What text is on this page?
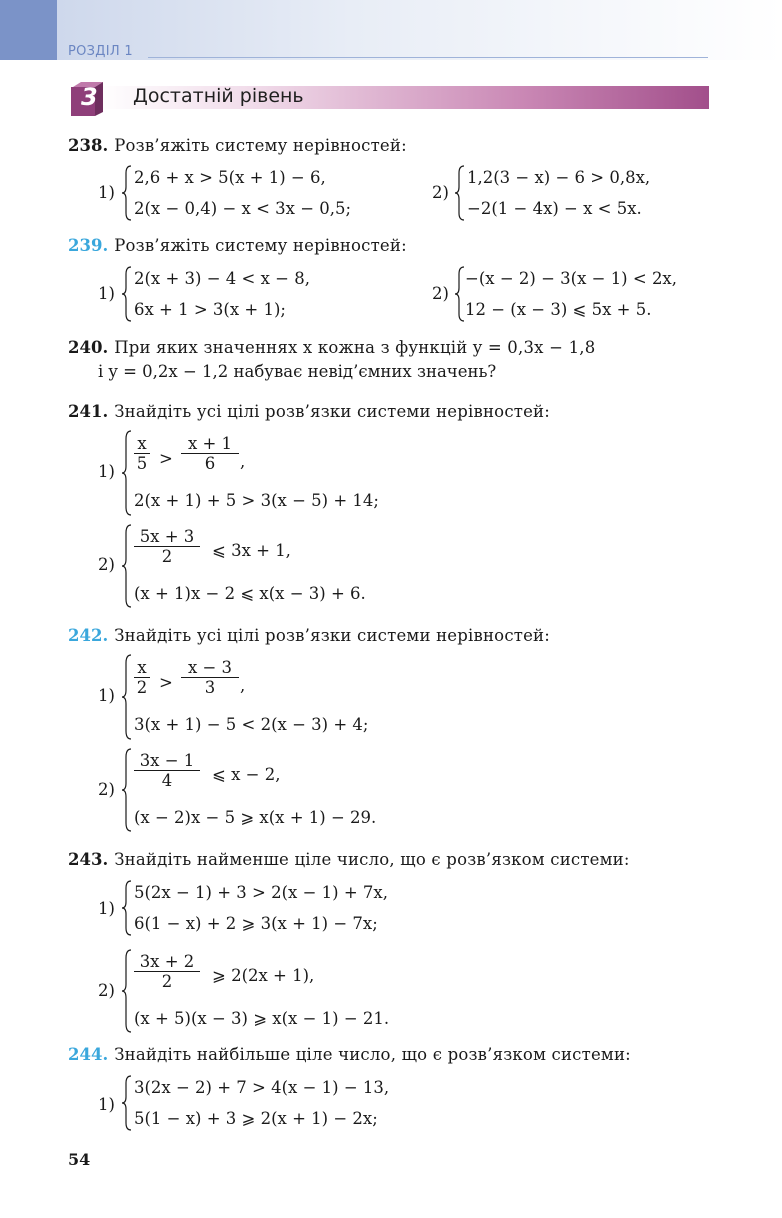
РОЗДІЛ 1
3 Достатній рівень
238. Розв’яжіть систему нерівностей:
1)
2,6 + x > 5(x + 1) − 6,
2(x − 0,4) − x < 3x − 0,5;
2)
1,2(3 − x) − 6 > 0,8x,
−2(1 − 4x) − x < 5x.
239. Розв’яжіть систему нерівностей:
1)
2(x + 3) − 4 < x − 8,
6x + 1 > 3(x + 1);
2)
−(x − 2) − 3(x − 1) < 2x,
12 − (x − 3) ⩽ 5x + 5.
240. При яких значеннях x кожна з функцій y = 0,3x − 1,8
і y = 0,2x − 1,2 набуває невід’ємних значень?
241. Знайдіть усі цілі розв’язки системи нерівностей:
1)
x
5 >
x + 1
6	,
2(x + 1) + 5 > 3(x − 5) + 14;
2)
5x + 3
2	⩽ 3x + 1,
(x + 1)x − 2 ⩽ x(x − 3) + 6.
242. Знайдіть усі цілі розв’язки системи нерівностей:
1)
x
2 >
x − 3
3	,
3(x + 1) − 5 < 2(x − 3) + 4;
2)
3x − 1
4	⩽ x − 2,
(x − 2)x − 5 ⩾ x(x + 1) − 29.
243. Знайдіть найменше ціле число, що є розв’язком системи:
1)
5(2x − 1) + 3 > 2(x − 1) + 7x,
6(1 − x) + 2 ⩾ 3(x + 1) − 7x;
2)
3x + 2
2	⩾ 2(2x + 1),
(x + 5)(x − 3) ⩾ x(x − 1) − 21.
244. Знайдіть найбільше ціле число, що є розв’язком системи:
1)
3(2x − 2) + 7 > 4(x − 1) − 13,
5(1 − x) + 3 ⩾ 2(x + 1) − 2x;
54
